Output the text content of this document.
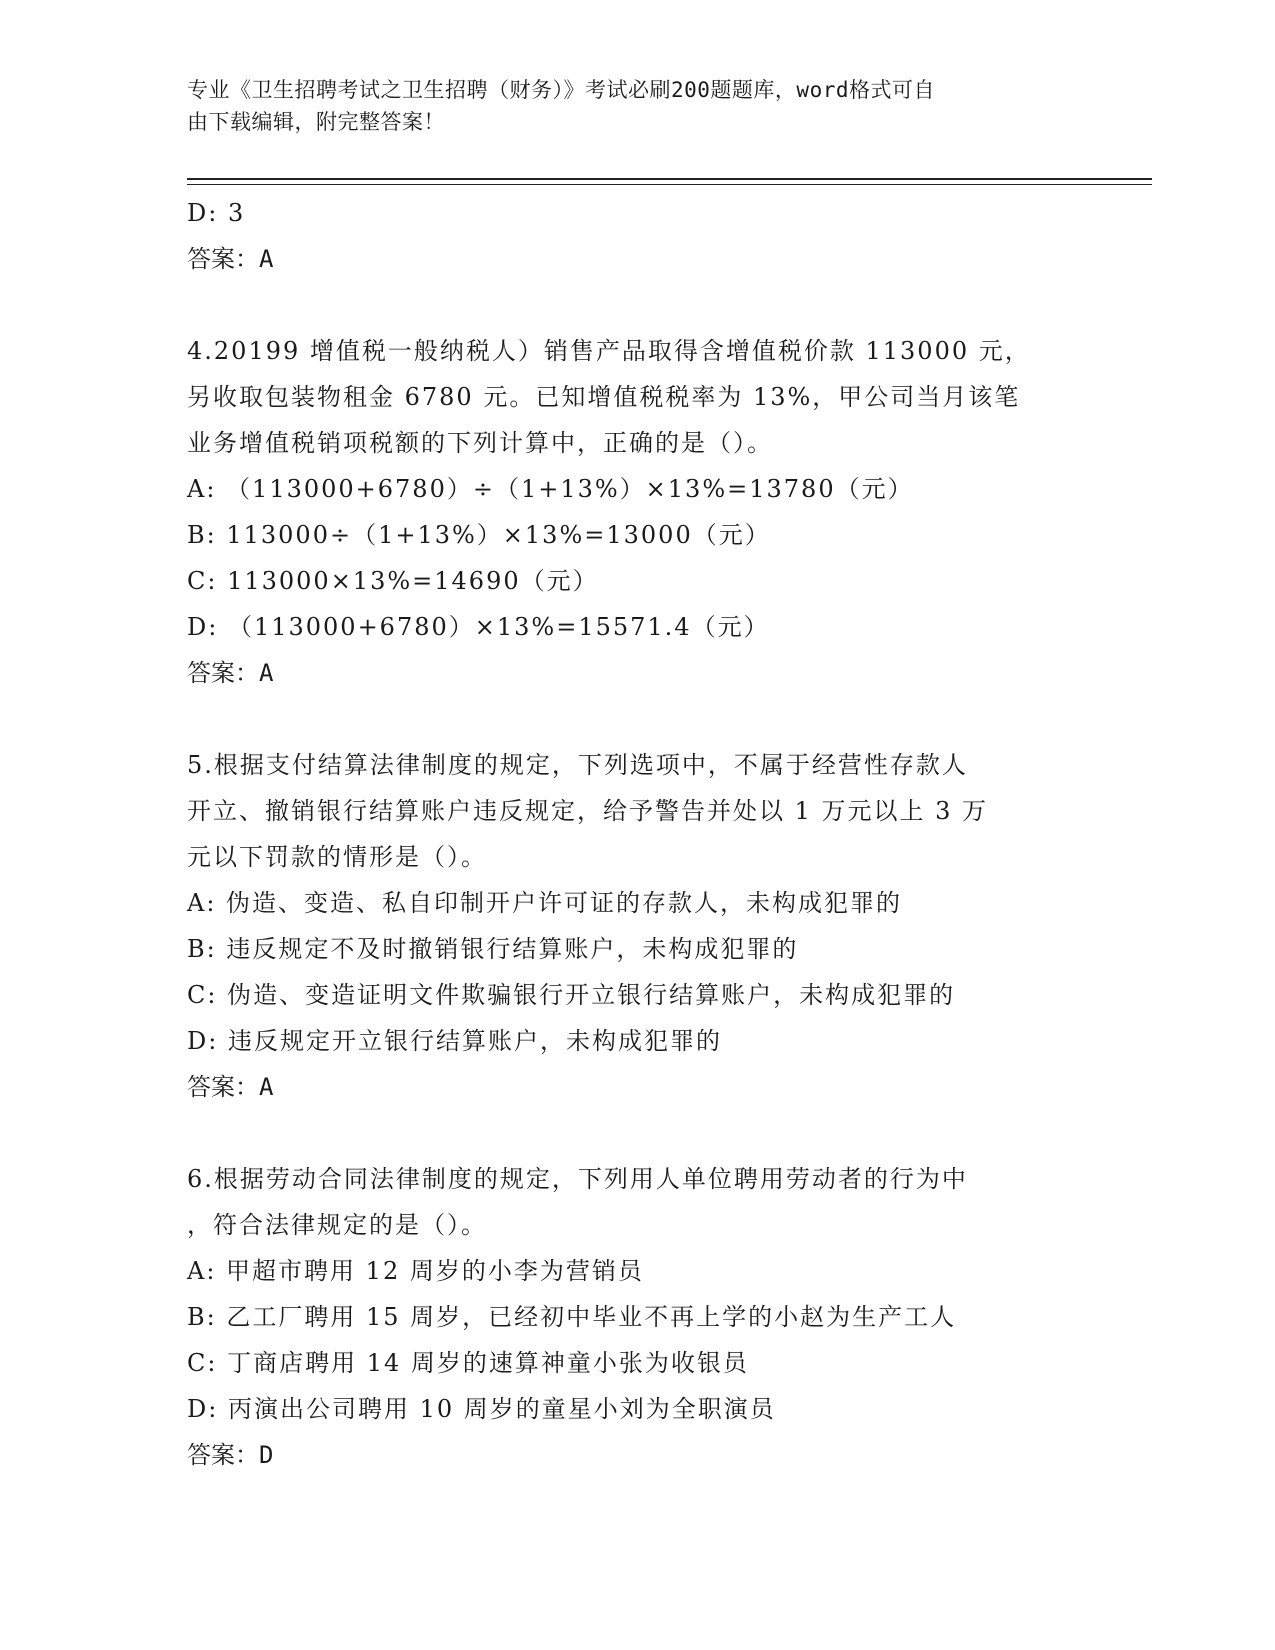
专业《卫生招聘考试之卫生招聘（财务）》考试必刷200题题库，word格式可自
由下载编辑，附完整答案！
D: 3
答案：A
4.20199 增值税一般纳税人）销售产品取得含增值税价款 113000 元，
另收取包装物租金 6780 元。已知增值税税率为 13%，甲公司当月该笔
业务增值税销项税额的下列计算中，正确的是（）。
A: （113000+6780）÷（1+13%）×13%=13780（元）
B: 113000÷（1+13%）×13%=13000（元）
C: 113000×13%=14690（元）
D: （113000+6780）×13%=15571.4（元）
答案：A
5.根据支付结算法律制度的规定，下列选项中，不属于经营性存款人
开立、撤销银行结算账户违反规定，给予警告并处以 1 万元以上 3 万
元以下罚款的情形是（）。
A: 伪造、变造、私自印制开户许可证的存款人，未构成犯罪的
B: 违反规定不及时撤销银行结算账户，未构成犯罪的
C: 伪造、变造证明文件欺骗银行开立银行结算账户，未构成犯罪的
D: 违反规定开立银行结算账户，未构成犯罪的
答案：A
6.根据劳动合同法律制度的规定，下列用人单位聘用劳动者的行为中
，符合法律规定的是（）。
A: 甲超市聘用 12 周岁的小李为营销员
B: 乙工厂聘用 15 周岁，已经初中毕业不再上学的小赵为生产工人
C: 丁商店聘用 14 周岁的速算神童小张为收银员
D: 丙演出公司聘用 10 周岁的童星小刘为全职演员
答案：D
